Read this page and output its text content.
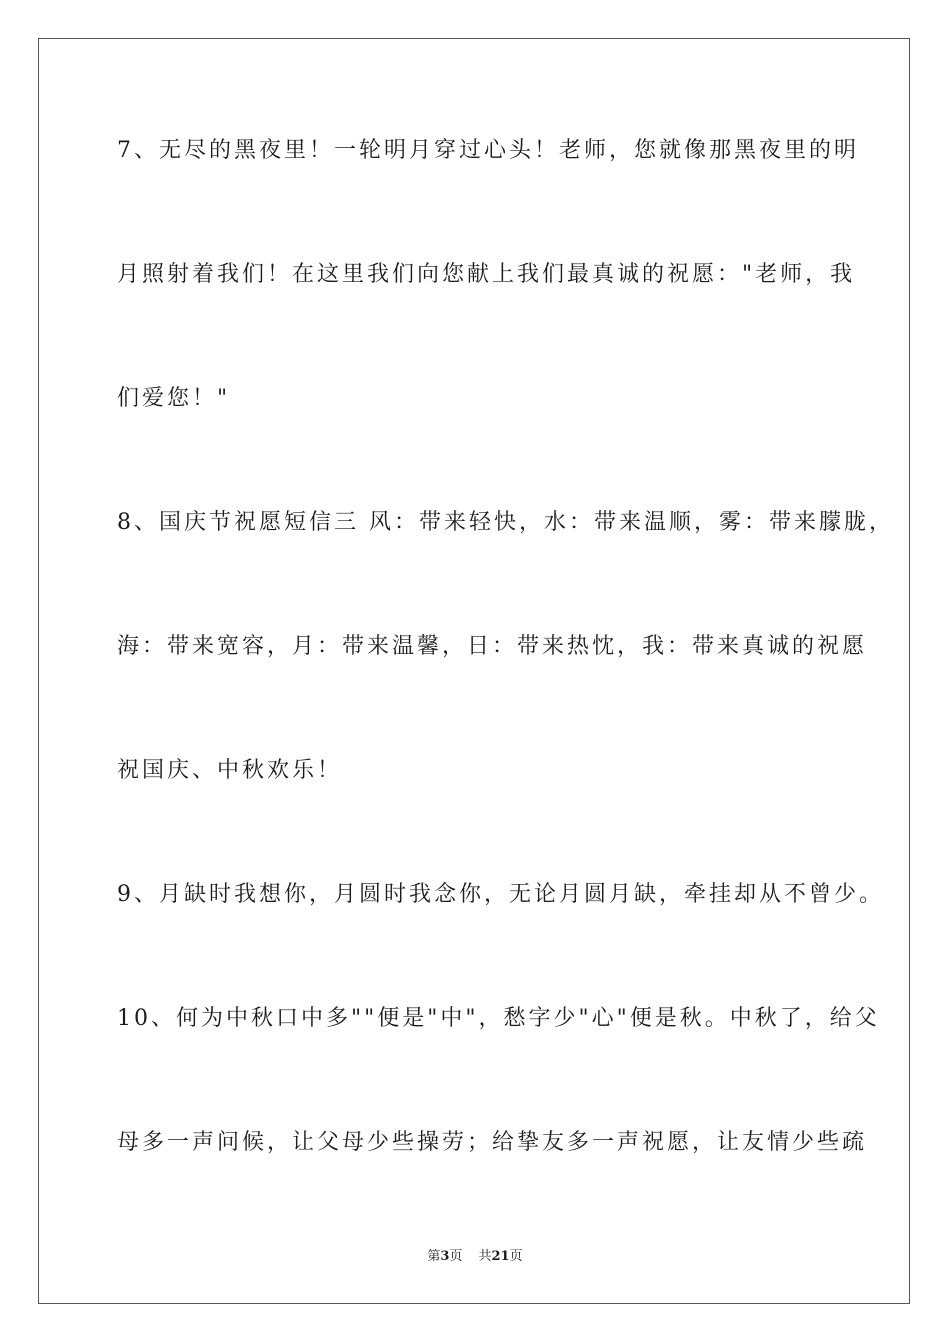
7、无尽的黑夜里！一轮明月穿过心头！老师，您就像那黑夜里的明
月照射着我们！在这里我们向您献上我们最真诚的祝愿："老师，我
们爱您！"
8、国庆节祝愿短信三 风：带来轻快，水：带来温顺，雾：带来朦胧，
海：带来宽容，月：带来温馨，日：带来热忱，我：带来真诚的祝愿
祝国庆、中秋欢乐！
9、月缺时我想你，月圆时我念你，无论月圆月缺，牵挂却从不曾少。
10、何为中秋口中多""便是"中"，愁字少"心"便是秋。中秋了，给父
母多一声问候，让父母少些操劳；给挚友多一声祝愿，让友情少些疏
第3页 共21页
